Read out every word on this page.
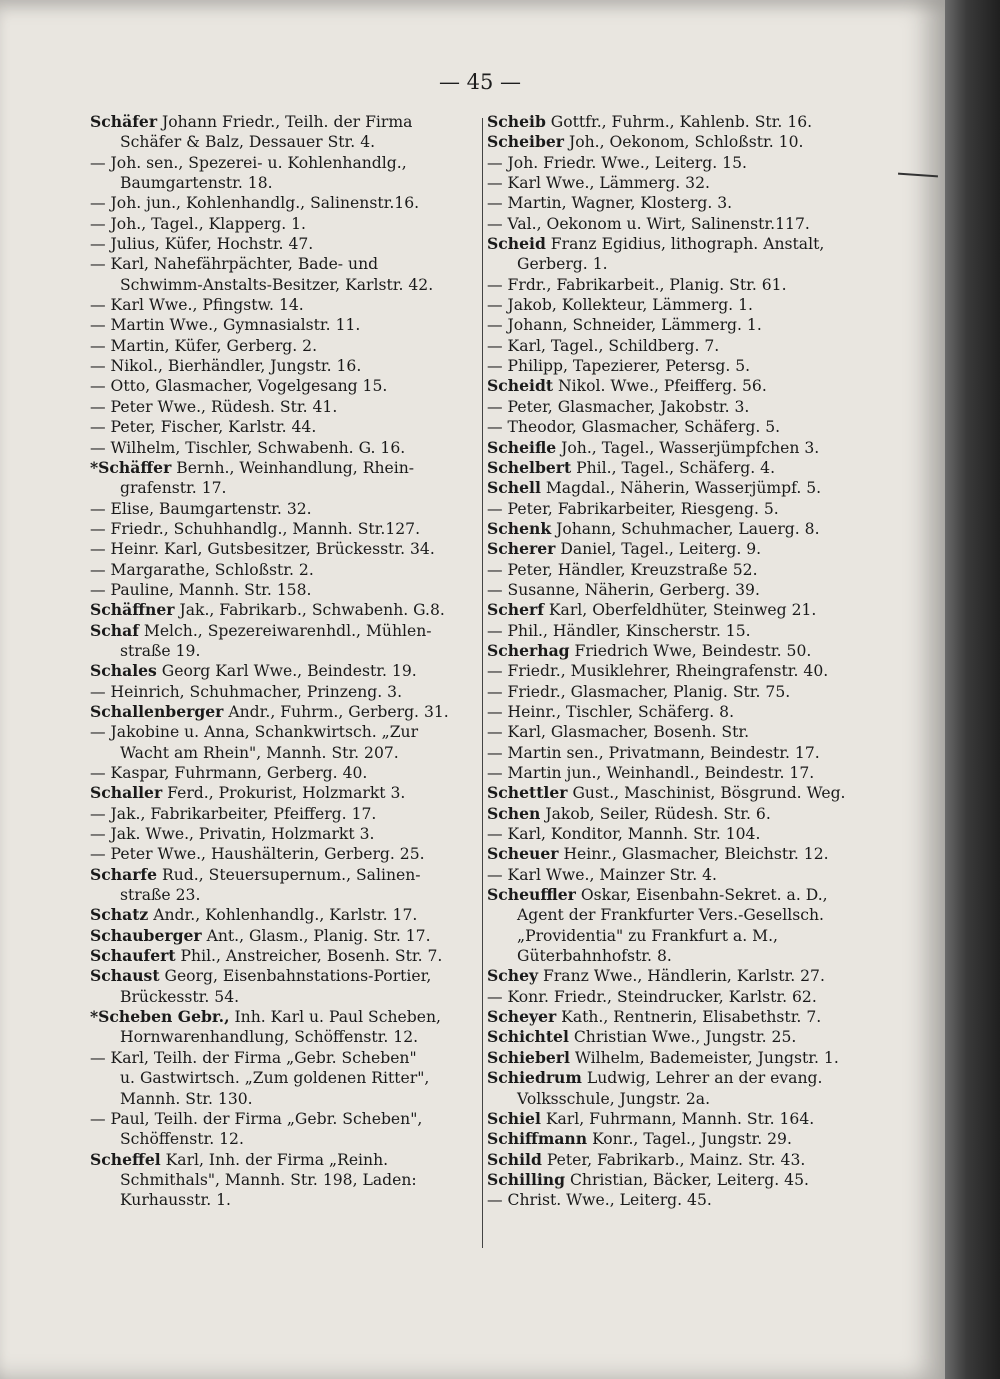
— 45 —
Schäfer Johann Friedr., Teilh. der Firma
Schäfer & Balz, Dessauer Str. 4.
— Joh. sen., Spezerei- u. Kohlenhandlg.,
Baumgartenstr. 18.
— Joh. jun., Kohlenhandlg., Salinenstr.16.
— Joh., Tagel., Klapperg. 1.
— Julius, Küfer, Hochstr. 47.
— Karl, Nahefährpächter, Bade- und
Schwimm-Anstalts-Besitzer, Karlstr. 42.
— Karl Wwe., Pfingstw. 14.
— Martin Wwe., Gymnasialstr. 11.
— Martin, Küfer, Gerberg. 2.
— Nikol., Bierhändler, Jungstr. 16.
— Otto, Glasmacher, Vogelgesang 15.
— Peter Wwe., Rüdesh. Str. 41.
— Peter, Fischer, Karlstr. 44.
— Wilhelm, Tischler, Schwabenh. G. 16.
*Schäffer Bernh., Weinhandlung, Rhein-
grafenstr. 17.
— Elise, Baumgartenstr. 32.
— Friedr., Schuhhandlg., Mannh. Str.127.
— Heinr. Karl, Gutsbesitzer, Brückesstr. 34.
— Margarathe, Schloßstr. 2.
— Pauline, Mannh. Str. 158.
Schäffner Jak., Fabrikarb., Schwabenh. G.8.
Schaf Melch., Spezereiwarenhdl., Mühlen-
straße 19.
Schales Georg Karl Wwe., Beindestr. 19.
— Heinrich, Schuhmacher, Prinzeng. 3.
Schallenberger Andr., Fuhrm., Gerberg. 31.
— Jakobine u. Anna, Schankwirtsch. „Zur
Wacht am Rhein", Mannh. Str. 207.
— Kaspar, Fuhrmann, Gerberg. 40.
Schaller Ferd., Prokurist, Holzmarkt 3.
— Jak., Fabrikarbeiter, Pfeifferg. 17.
— Jak. Wwe., Privatin, Holzmarkt 3.
— Peter Wwe., Haushälterin, Gerberg. 25.
Scharfe Rud., Steuersupernum., Salinen-
straße 23.
Schatz Andr., Kohlenhandlg., Karlstr. 17.
Schauberger Ant., Glasm., Planig. Str. 17.
Schaufert Phil., Anstreicher, Bosenh. Str. 7.
Schaust Georg, Eisenbahnstations-Portier,
Brückesstr. 54.
*Scheben Gebr., Inh. Karl u. Paul Scheben,
Hornwarenhandlung, Schöffenstr. 12.
— Karl, Teilh. der Firma „Gebr. Scheben"
u. Gastwirtsch. „Zum goldenen Ritter",
Mannh. Str. 130.
— Paul, Teilh. der Firma „Gebr. Scheben",
Schöffenstr. 12.
Scheffel Karl, Inh. der Firma „Reinh.
Schmithals", Mannh. Str. 198, Laden:
Kurhausstr. 1.
Scheib Gottfr., Fuhrm., Kahlenb. Str. 16.
Scheiber Joh., Oekonom, Schloßstr. 10.
— Joh. Friedr. Wwe., Leiterg. 15.
— Karl Wwe., Lämmerg. 32.
— Martin, Wagner, Klosterg. 3.
— Val., Oekonom u. Wirt, Salinenstr.117.
Scheid Franz Egidius, lithograph. Anstalt,
Gerberg. 1.
— Frdr., Fabrikarbeit., Planig. Str. 61.
— Jakob, Kollekteur, Lämmerg. 1.
— Johann, Schneider, Lämmerg. 1.
— Karl, Tagel., Schildberg. 7.
— Philipp, Tapezierer, Petersg. 5.
Scheidt Nikol. Wwe., Pfeifferg. 56.
— Peter, Glasmacher, Jakobstr. 3.
— Theodor, Glasmacher, Schäferg. 5.
Scheifle Joh., Tagel., Wasserjümpfchen 3.
Schelbert Phil., Tagel., Schäferg. 4.
Schell Magdal., Näherin, Wasserjümpf. 5.
— Peter, Fabrikarbeiter, Riesgeng. 5.
Schenk Johann, Schuhmacher, Lauerg. 8.
Scherer Daniel, Tagel., Leiterg. 9.
— Peter, Händler, Kreuzstraße 52.
— Susanne, Näherin, Gerberg. 39.
Scherf Karl, Oberfeldhüter, Steinweg 21.
— Phil., Händler, Kinscherstr. 15.
Scherhag Friedrich Wwe, Beindestr. 50.
— Friedr., Musiklehrer, Rheingrafenstr. 40.
— Friedr., Glasmacher, Planig. Str. 75.
— Heinr., Tischler, Schäferg. 8.
— Karl, Glasmacher, Bosenh. Str.
— Martin sen., Privatmann, Beindestr. 17.
— Martin jun., Weinhandl., Beindestr. 17.
Schettler Gust., Maschinist, Bösgrund. Weg.
Schen Jakob, Seiler, Rüdesh. Str. 6.
— Karl, Konditor, Mannh. Str. 104.
Scheuer Heinr., Glasmacher, Bleichstr. 12.
— Karl Wwe., Mainzer Str. 4.
Scheuffler Oskar, Eisenbahn-Sekret. a. D.,
Agent der Frankfurter Vers.-Gesellsch.
„Providentia" zu Frankfurt a. M.,
Güterbahnhofstr. 8.
Schey Franz Wwe., Händlerin, Karlstr. 27.
— Konr. Friedr., Steindrucker, Karlstr. 62.
Scheyer Kath., Rentnerin, Elisabethstr. 7.
Schichtel Christian Wwe., Jungstr. 25.
Schieberl Wilhelm, Bademeister, Jungstr. 1.
Schiedrum Ludwig, Lehrer an der evang.
Volksschule, Jungstr. 2a.
Schiel Karl, Fuhrmann, Mannh. Str. 164.
Schiffmann Konr., Tagel., Jungstr. 29.
Schild Peter, Fabrikarb., Mainz. Str. 43.
Schilling Christian, Bäcker, Leiterg. 45.
— Christ. Wwe., Leiterg. 45.
